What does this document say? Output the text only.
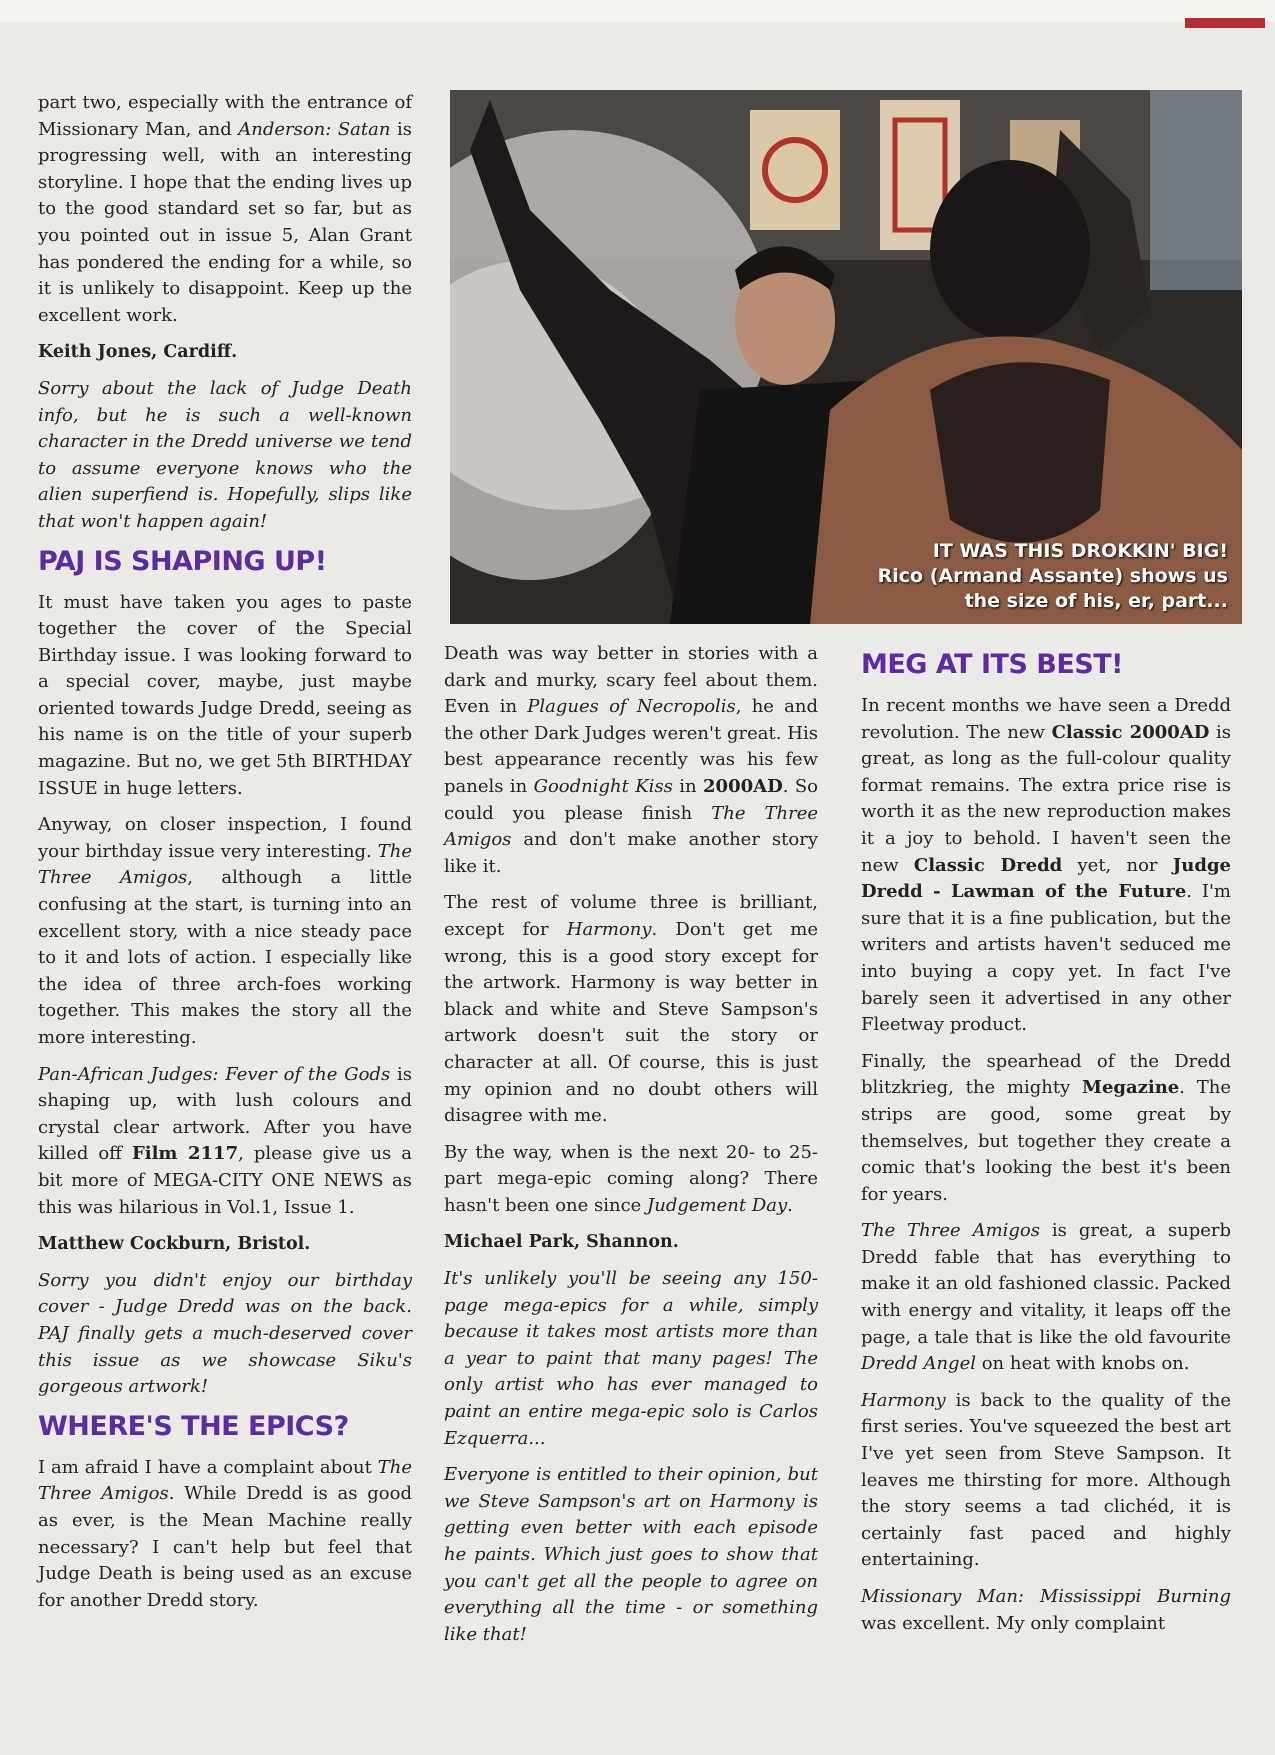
part two, especially with the entrance of Missionary Man, and Anderson: Satan is progressing well, with an interesting storyline. I hope that the ending lives up to the good standard set so far, but as you pointed out in issue 5, Alan Grant has pondered the ending for a while, so it is unlikely to disappoint. Keep up the excellent work.

Keith Jones, Cardiff.

Sorry about the lack of Judge Death info, but he is such a well-known character in the Dredd universe we tend to assume everyone knows who the alien superfiend is. Hopefully, slips like that won't happen again!

PAJ IS SHAPING UP!

It must have taken you ages to paste together the cover of the Special Birthday issue. I was looking forward to a special cover, maybe, just maybe oriented towards Judge Dredd, seeing as his name is on the title of your superb magazine. But no, we get 5th BIRTHDAY ISSUE in huge letters.

Anyway, on closer inspection, I found your birthday issue very interesting. The Three Amigos, although a little confusing at the start, is turning into an excellent story, with a nice steady pace to it and lots of action. I especially like the idea of three arch-foes working together. This makes the story all the more interesting.

Pan-African Judges: Fever of the Gods is shaping up, with lush colours and crystal clear artwork. After you have killed off Film 2117, please give us a bit more of MEGA-CITY ONE NEWS as this was hilarious in Vol.1, Issue 1.

Matthew Cockburn, Bristol.

Sorry you didn't enjoy our birthday cover - Judge Dredd was on the back. PAJ finally gets a much-deserved cover this issue as we showcase Siku's gorgeous artwork!

WHERE'S THE EPICS?

I am afraid I have a complaint about The Three Amigos. While Dredd is as good as ever, is the Mean Machine really necessary? I can't help but feel that Judge Death is being used as an excuse for another Dredd story.

IT WAS THIS DROKKIN' BIG!
Rico (Armand Assante) shows us
the size of his, er, part...

Death was way better in stories with a dark and murky, scary feel about them. Even in Plagues of Necropolis, he and the other Dark Judges weren't great. His best appearance recently was his few panels in Goodnight Kiss in 2000AD. So could you please finish The Three Amigos and don't make another story like it.

The rest of volume three is brilliant, except for Harmony. Don't get me wrong, this is a good story except for the artwork. Harmony is way better in black and white and Steve Sampson's artwork doesn't suit the story or character at all. Of course, this is just my opinion and no doubt others will disagree with me.

By the way, when is the next 20- to 25-part mega-epic coming along? There hasn't been one since Judgement Day.

Michael Park, Shannon.

It's unlikely you'll be seeing any 150-page mega-epics for a while, simply because it takes most artists more than a year to paint that many pages! The only artist who has ever managed to paint an entire mega-epic solo is Carlos Ezquerra...

Everyone is entitled to their opinion, but we Steve Sampson's art on Harmony is getting even better with each episode he paints. Which just goes to show that you can't get all the people to agree on everything all the time - or something like that!

MEG AT ITS BEST!

In recent months we have seen a Dredd revolution. The new Classic 2000AD is great, as long as the full-colour quality format remains. The extra price rise is worth it as the new reproduction makes it a joy to behold. I haven't seen the new Classic Dredd yet, nor Judge Dredd - Lawman of the Future. I'm sure that it is a fine publication, but the writers and artists haven't seduced me into buying a copy yet. In fact I've barely seen it advertised in any other Fleetway product.

Finally, the spearhead of the Dredd blitzkrieg, the mighty Megazine. The strips are good, some great by themselves, but together they create a comic that's looking the best it's been for years.

The Three Amigos is great, a superb Dredd fable that has everything to make it an old fashioned classic. Packed with energy and vitality, it leaps off the page, a tale that is like the old favourite Dredd Angel on heat with knobs on.

Harmony is back to the quality of the first series. You've squeezed the best art I've yet seen from Steve Sampson. It leaves me thirsting for more. Although the story seems a tad clichéd, it is certainly fast paced and highly entertaining.

Missionary Man: Mississippi Burning was excellent. My only complaint
